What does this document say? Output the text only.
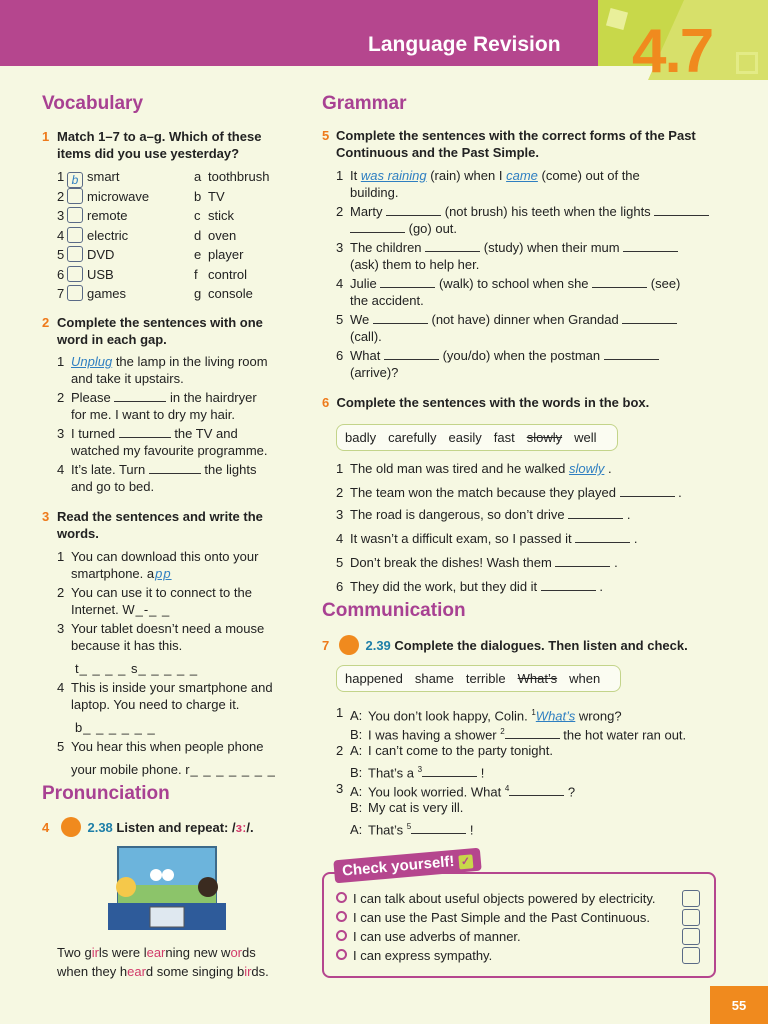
Language Revision 4.7
Vocabulary
1 Match 1–7 to a–g. Which of these items did you use yesterday?
1 b smart	a toothbrush
2 microwave	b TV
3 remote	c stick
4 electric	d oven
5 DVD	e player
6 USB	f control
7 games	g console
2 Complete the sentences with one word in each gap.
1 Unplug the lamp in the living room
and take it upstairs.
2 Please	in the hairdryer
for me. I want to dry my hair.
3 I turned	the TV and
watched my favourite programme.
4 It’s late. Turn	the lights
and go to bed.
3 Read the sentences and write the words.
1 You can download this onto your
smartphone. app
2 You can use it to connect to the
Internet. W_-_ _
3 Your tablet doesn’t need a mouse
because it has this.
t_ _ _ _ s_ _ _ _ _
4 This is inside your smartphone and
laptop. You need to charge it.
b_ _ _ _ _ _
5 You hear this when people phone

your mobile phone. r_ _ _ _ _ _ _
Pronunciation
4	2.38 Listen and repeat: /ɜː/.
Two girls were learning new words
when they heard some singing birds.
Grammar
5 Complete the sentences with the correct forms of the Past Continuous and the Past Simple.
1 It was raining (rain) when I came (come) out of the
building.
2 Marty	(not brush) his teeth when the lights
(go) out.
3 The children	(study) when their mum
(ask) them to help her.
4 Julie	(walk) to school when she	(see)
the accident.
5 We	(not have) dinner when Grandad
(call).
6 What	(you/do) when the postman
(arrive)?
6 Complete the sentences with the words in the box.
badly carefully easily fast slowly well
1 The old man was tired and he walked slowly .
2 The team won the match because they played	.
3 The road is dangerous, so don’t drive	.
4 It wasn’t a difficult exam, so I passed it	.
5 Don’t break the dishes! Wash them	.
6 They did the work, but they did it	.
Communication
7	2.39 Complete the dialogues. Then listen and check.
happened shame terrible What’s when
1 A: You don’t look happy, Colin. $^1$What’s wrong?
B: I was having a shower $^2$	the hot water ran out.
2 A: I can’t come to the party tonight.
B: That’s a $^3$	!
3 A: You look worried. What $^4$	?
B: My cat is very ill.
A: That’s $^5$	!
Check yourself! ✓
I can talk about useful objects powered by electricity.
I can use the Past Simple and the Past Continuous.
I can use adverbs of manner.
I can express sympathy.
55
